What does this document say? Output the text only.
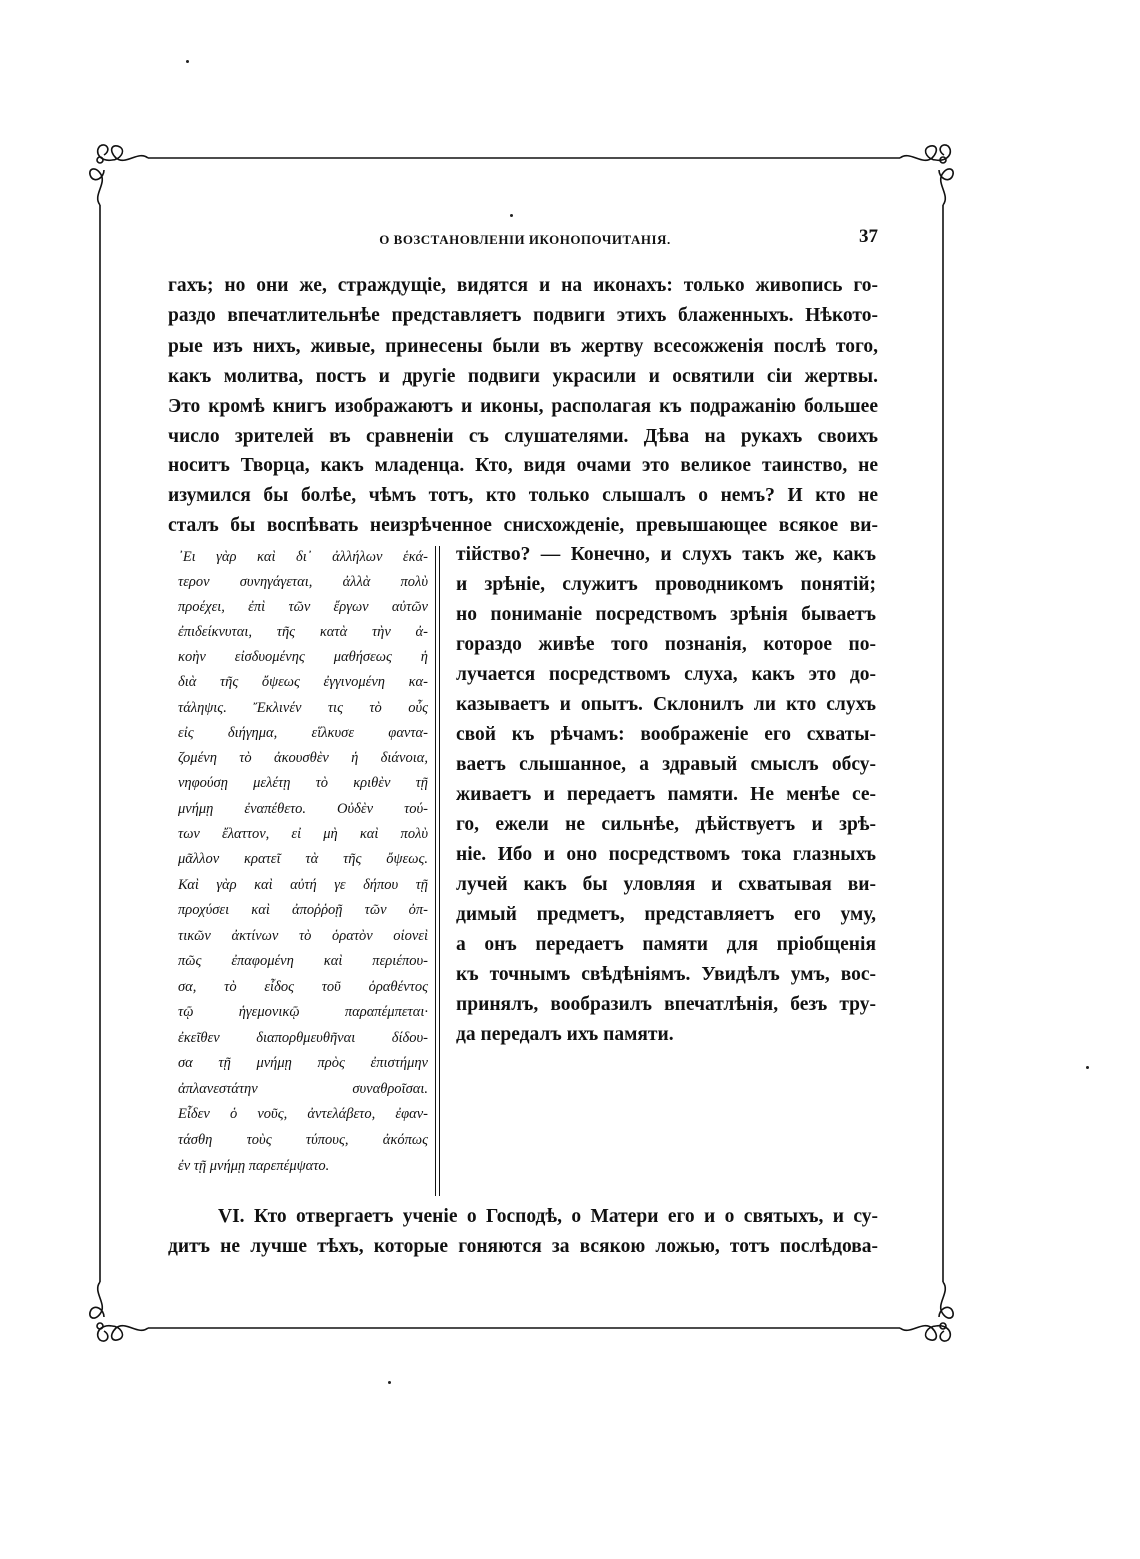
О ВОЗСТАНОВЛЕНІИ ИКОНОПОЧИТАНІЯ.	37
гахъ; но они же, страждущіе, видятся и на иконахъ: только живопись го-
раздо впечатлительнѣе представляетъ подвиги этихъ блаженныхъ. Нѣкото-
рые изъ нихъ, живые, принесены были въ жертву всесожженія послѣ того,
какъ молитва, постъ и другіе подвиги украсили и освятили сіи жертвы.
Это кромѣ книгъ изображаютъ и иконы, располагая къ подражанію большее
число зрителей въ сравненіи съ слушателями. Дѣва на рукахъ своихъ
носитъ Творца, какъ младенца. Кто, видя очами это великое таинство, не
изумился бы болѣе, чѣмъ тотъ, кто только слышалъ о немъ? И кто не
сталъ бы воспѣвать неизрѣченное снисхожденіе, превышающее всякое ви-
᾿Ει γὰρ καὶ δι᾿ ἀλλήλων ἑκά-
τερον συνηγάγεται, ἀλλὰ πολὺ
προέχει, ἐπὶ τῶν ἔργων αὐτῶν
ἐπιδείκνυται, τῆς κατὰ τὴν ἀ-
κοὴν εἰσδυομένης μαθήσεως ἡ
διὰ τῆς ὄψεως ἐγγινομένη κα-
τάληψις. Ἔκλινέν τις τὸ οὖς
εἰς διήγημα, εἵλκυσε φαντα-
ζομένη τὸ ἀκουσθὲν ἡ διάνοια,
νηφούσῃ μελέτῃ τὸ κριθὲν τῇ
μνήμῃ ἐναπέθετο. Οὐδὲν τού-
των ἔλαττον, εἰ μὴ καὶ πολὺ
μᾶλλον κρατεῖ τὰ τῆς ὄψεως.
Καὶ γὰρ καὶ αὐτή γε δήπου τῇ
προχύσει καὶ ἀποῤῥοῇ τῶν ὀπ-
τικῶν ἀκτίνων τὸ ὁρατὸν οἱονεὶ
πῶς ἐπαφομένη καὶ περιέπου-
σα, τὸ εἶδος τοῦ ὁραθέντος
τῷ ἡγεμονικῷ παραπέμπεται·
ἐκεῖθεν διαπορθμευθῆναι δίδου-
σα τῇ μνήμῃ πρὸς ἐπιστήμην
ἀπλανεστάτην συναθροῖσαι.
Εἶδεν ὁ νοῦς, ἀντελάβετο, ἐφαν-
τάσθη τοὺς τύπους, ἀκόπως
ἐν τῇ μνήμῃ παρεπέμψατο.
тійство? — Конечно, и слухъ такъ же, какъ
и зрѣніе, служитъ проводникомъ понятій;
но пониманіе посредствомъ зрѣнія бываетъ
гораздо живѣе того познанія, которое по-
лучается посредствомъ слуха, какъ это до-
казываетъ и опытъ. Склонилъ ли кто слухъ
свой къ рѣчамъ: воображеніе его схваты-
ваетъ слышанное, а здравый смыслъ обсу-
живаетъ и передаетъ памяти. Не менѣе се-
го, ежели не сильнѣе, дѣйствуетъ и зрѣ-
ніе. Ибо и оно посредствомъ тока глазныхъ
лучей какъ бы уловляя и схватывая ви-
димый предметъ, представляетъ его уму,
а онъ передаетъ памяти для пріобщенія
къ точнымъ свѣдѣніямъ. Увидѣлъ умъ, вос-
принялъ, вообразилъ впечатлѣнія, безъ тру-
да передалъ ихъ памяти.
VI. Кто отвергаетъ ученіе о Господѣ, о Матери его и о святыхъ, и су-
дитъ не лучше тѣхъ, которые гоняются за всякою ложью, тотъ послѣдова-
